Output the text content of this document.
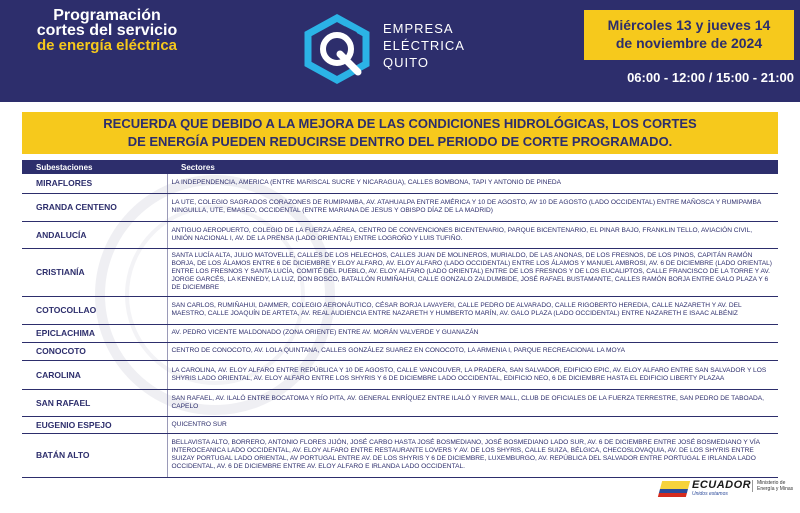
Programación
cortes del servicio
de energía eléctrica
EMPRESA
ELÉCTRICA
QUITO
Miércoles 13 y jueves 14
de noviembre de 2024
06:00 - 12:00 / 15:00 - 21:00
RECUERDA QUE DEBIDO A LA MEJORA DE LAS CONDICIONES HIDROLÓGICAS, LOS CORTES
DE ENERGÍA PUEDEN REDUCIRSE DENTRO DEL PERIODO DE CORTE PROGRAMADO.
Subestaciones	Sectores
MIRAFLORES	LA INDEPENDENCIA, AMERICA (ENTRE MARISCAL SUCRE Y NICARAGUA), CALLES BOMBONA, TAPI Y ANTONIO DE PINEDA
GRANDA CENTENO	LA UTE, COLEGIO SAGRADOS CORAZONES DE RUMIPAMBA, AV. ATAHUALPA ENTRE AMÉRICA Y 10 DE AGOSTO, AV 10 DE AGOSTO (LADO OCCIDENTAL) ENTRE MAÑOSCA Y RUMIPAMBA NINGUILLA, UTE, EMASEO, OCCIDENTAL (ENTRE MARIANA DE JESUS Y OBISPO DÍAZ DE LA MADRID)
ANDALUCÍA	ANTIGUO AEROPUERTO, COLEGIO DE LA FUERZA AÉREA, CENTRO DE CONVENCIONES BICENTENARIO, PARQUE BICENTENARIO, EL PINAR BAJO, FRANKLIN TELLO, AVIACIÓN CIVIL, UNIÓN NACIONAL I, AV. DE LA PRENSA (LADO ORIENTAL) ENTRE LOGROÑO Y LUIS TUFIÑO.
CRISTIANÍA	SANTA LUCÍA ALTA, JULIO MATOVELLE, CALLES DE LOS HELECHOS, CALLES JUAN DE MOLINEROS, MURIALDO, DE LAS ANONAS, DE LOS FRESNOS, DE LOS PINOS, CAPITÁN RAMÓN BORJA, DE LOS ÁLAMOS ENTRE 6 DE DICIEMBRE Y ELOY ALFARO, AV. ELOY ALFARO (LADO OCCIDENTAL) ENTRE LOS ÁLAMOS Y MANUEL AMBROSI, AV. 6 DE DICIEMBRE (LADO ORIENTAL) ENTRE LOS FRESNOS Y SANTA LUCÍA, COMITÉ DEL PUEBLO, AV. ELOY ALFARO (LADO ORIENTAL) ENTRE DE LOS FRESNOS Y DE LOS EUCALIPTOS, CALLE FRANCISCO DE LA TORRE Y AV. JORGE GARCÉS, LA KENNEDY, LA LUZ, DON BOSCO, BATALLÓN RUMIÑAHUI, CALLE GONZALO ZALDUMBIDE, JOSÉ RAFAEL BUSTAMANTE, CALLES RAMÓN BORJA ENTRE GALO PLAZA Y 6 DE DICIEMBRE
COTOCOLLAO	SAN CARLOS, RUMIÑAHUI, DAMMER, COLEGIO AERONÁUTICO, CÉSAR BORJA LAVAYERI, CALLE PEDRO DE ALVARADO, CALLE RIGOBERTO HEREDIA, CALLE NAZARETH Y AV. DEL MAESTRO, CALLE JOAQUÍN DE ARTETA, AV. REAL AUDIENCIA ENTRE NAZARETH Y HUMBERTO MARÍN, AV. GALO PLAZA (LADO OCCIDENTAL) ENTRE NAZARETH E ISAAC ALBÉNIZ
EPICLACHIMA	AV. PEDRO VICENTE MALDONADO (ZONA ORIENTE) ENTRE AV. MORÁN VALVERDE Y GUANAZÁN
CONOCOTO	CENTRO DE CONOCOTO, AV. LOLA QUINTANA, CALLES GONZÁLEZ SUAREZ EN CONOCOTO, LA ARMENIA I, PARQUE RECREACIONAL LA MOYA
CAROLINA	LA CAROLINA, AV. ELOY ALFARO ENTRE REPÚBLICA Y 10 DE AGOSTO, CALLE VANCOUVER, LA PRADERA, SAN SALVADOR, EDIFICIO EPIC, AV. ELOY ALFARO ENTRE SAN SALVADOR Y LOS SHYRIS LADO ORIENTAL, AV. ELOY ALFARO ENTRE LOS SHYRIS Y 6 DE DICIEMBRE LADO OCCIDENTAL, EDIFICIO NEO, 6 DE DICIEMBRE HASTA EL EDIFICIO LIBERTY PLAZAA
SAN RAFAEL	SAN RAFAEL, AV. ILALÓ ENTRE BOCATOMA Y RÍO PITA, AV. GENERAL ENRÍQUEZ ENTRE ILALÓ Y RIVER MALL, CLUB DE OFICIALES DE LA FUERZA TERRESTRE, SAN PEDRO DE TABOADA, CAPELO
EUGENIO ESPEJO	QUICENTRO SUR
BATÁN ALTO	BELLAVISTA ALTO, BORRERO, ANTONIO FLORES JIJÓN, JOSÉ CARBO HASTA JOSÉ BOSMEDIANO, JOSÉ BOSMEDIANO LADO SUR, AV. 6 DE DICIEMBRE ENTRE JOSÉ BOSMEDIANO Y VÍA INTEROCEANICA LADO OCCIDENTAL, AV. ELOY ALFARO ENTRE RESTAURANTE LOVERS Y AV. DE LOS SHYRIS, CALLE SUIZA, BÉLGICA, CHECOSLOVAQUIA, AV. DE LOS SHYRIS ENTRE SUIZAY PORTUGAL LADO ORIENTAL, AV PORTUGAL ENTRE AV. DE LOS SHYRIS Y 6 DE DICIEMBRE, LUXEMBURGO, AV. REPÚBLICA DEL SALVADOR ENTRE PORTUGAL E IRLANDA LADO OCCIDENTAL, AV. 6 DE DICIEMBRE ENTRE AV. ELOY ALFARO E IRLANDA LADO OCCIDENTAL.
ECUADOR
Unidos estamos
Ministerio de
Energía y Minas
